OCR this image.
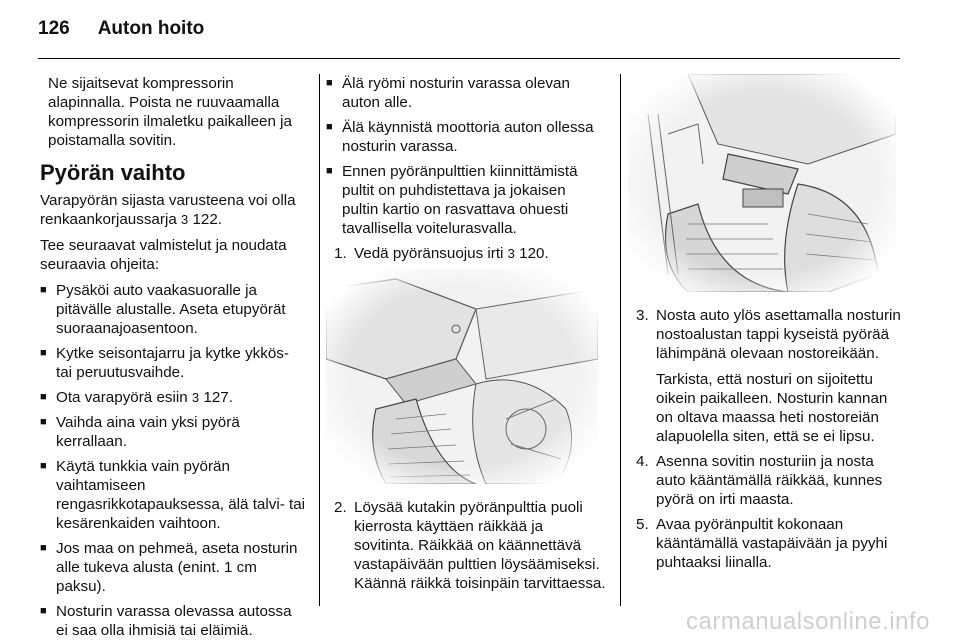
126 Auton hoito

Ne sijaitsevat kompressorin alapinnalla. Poista ne ruuvaamalla kompressorin ilmaletku paikalleen ja poistamalla sovitin.

Pyörän vaihto

Varapyörän sijasta varusteena voi olla renkaankorjaussarja 3 122.

Tee seuraavat valmistelut ja noudata seuraavia ohjeita:

■ Pysäköi auto vaakasuoralle ja pitävälle alustalle. Aseta etupyörät suoraanajoasentoon.
■ Kytke seisontajarru ja kytke ykkös- tai peruutusvaihde.
■ Ota varapyörä esiin 3 127.
■ Vaihda aina vain yksi pyörä kerrallaan.
■ Käytä tunkkia vain pyörän vaihtamiseen rengasrikkotapauksessa, älä talvi- tai kesärenkaiden vaihtoon.
■ Jos maa on pehmeä, aseta nosturin alle tukeva alusta (enint. 1 cm paksu).
■ Nosturin varassa olevassa autossa ei saa olla ihmisiä tai eläimiä.
■ Älä ryömi nosturin varassa olevan auton alle.
■ Älä käynnistä moottoria auton ollessa nosturin varassa.
■ Ennen pyöränpulttien kiinnittämistä pultit on puhdistettava ja jokaisen pultin kartio on rasvattava ohuesti tavallisella voitelurasvalla.
1. Vedä pyöränsuojus irti 3 120.
2. Löysää kutakin pyöränpulttia puoli kierrosta käyttäen räikkää ja sovitinta. Räikkää on käännettävä vastapäivään pulttien löysäämiseksi. Käännä räikkä toisinpäin tarvittaessa.
3. Nosta auto ylös asettamalla nosturin nostoalustan tappi kyseistä pyörää lähimpänä olevaan nostoreikään.
Tarkista, että nosturi on sijoitettu oikein paikalleen. Nosturin kannan on oltava maassa heti nostoreiän alapuolella siten, että se ei lipsu.
4. Asenna sovitin nosturiin ja nosta auto kääntämällä räikkää, kunnes pyörä on irti maasta.
5. Avaa pyöränpultit kokonaan kääntämällä vastapäivään ja pyyhi puhtaaksi liinalla.
carmanualsonline.info
